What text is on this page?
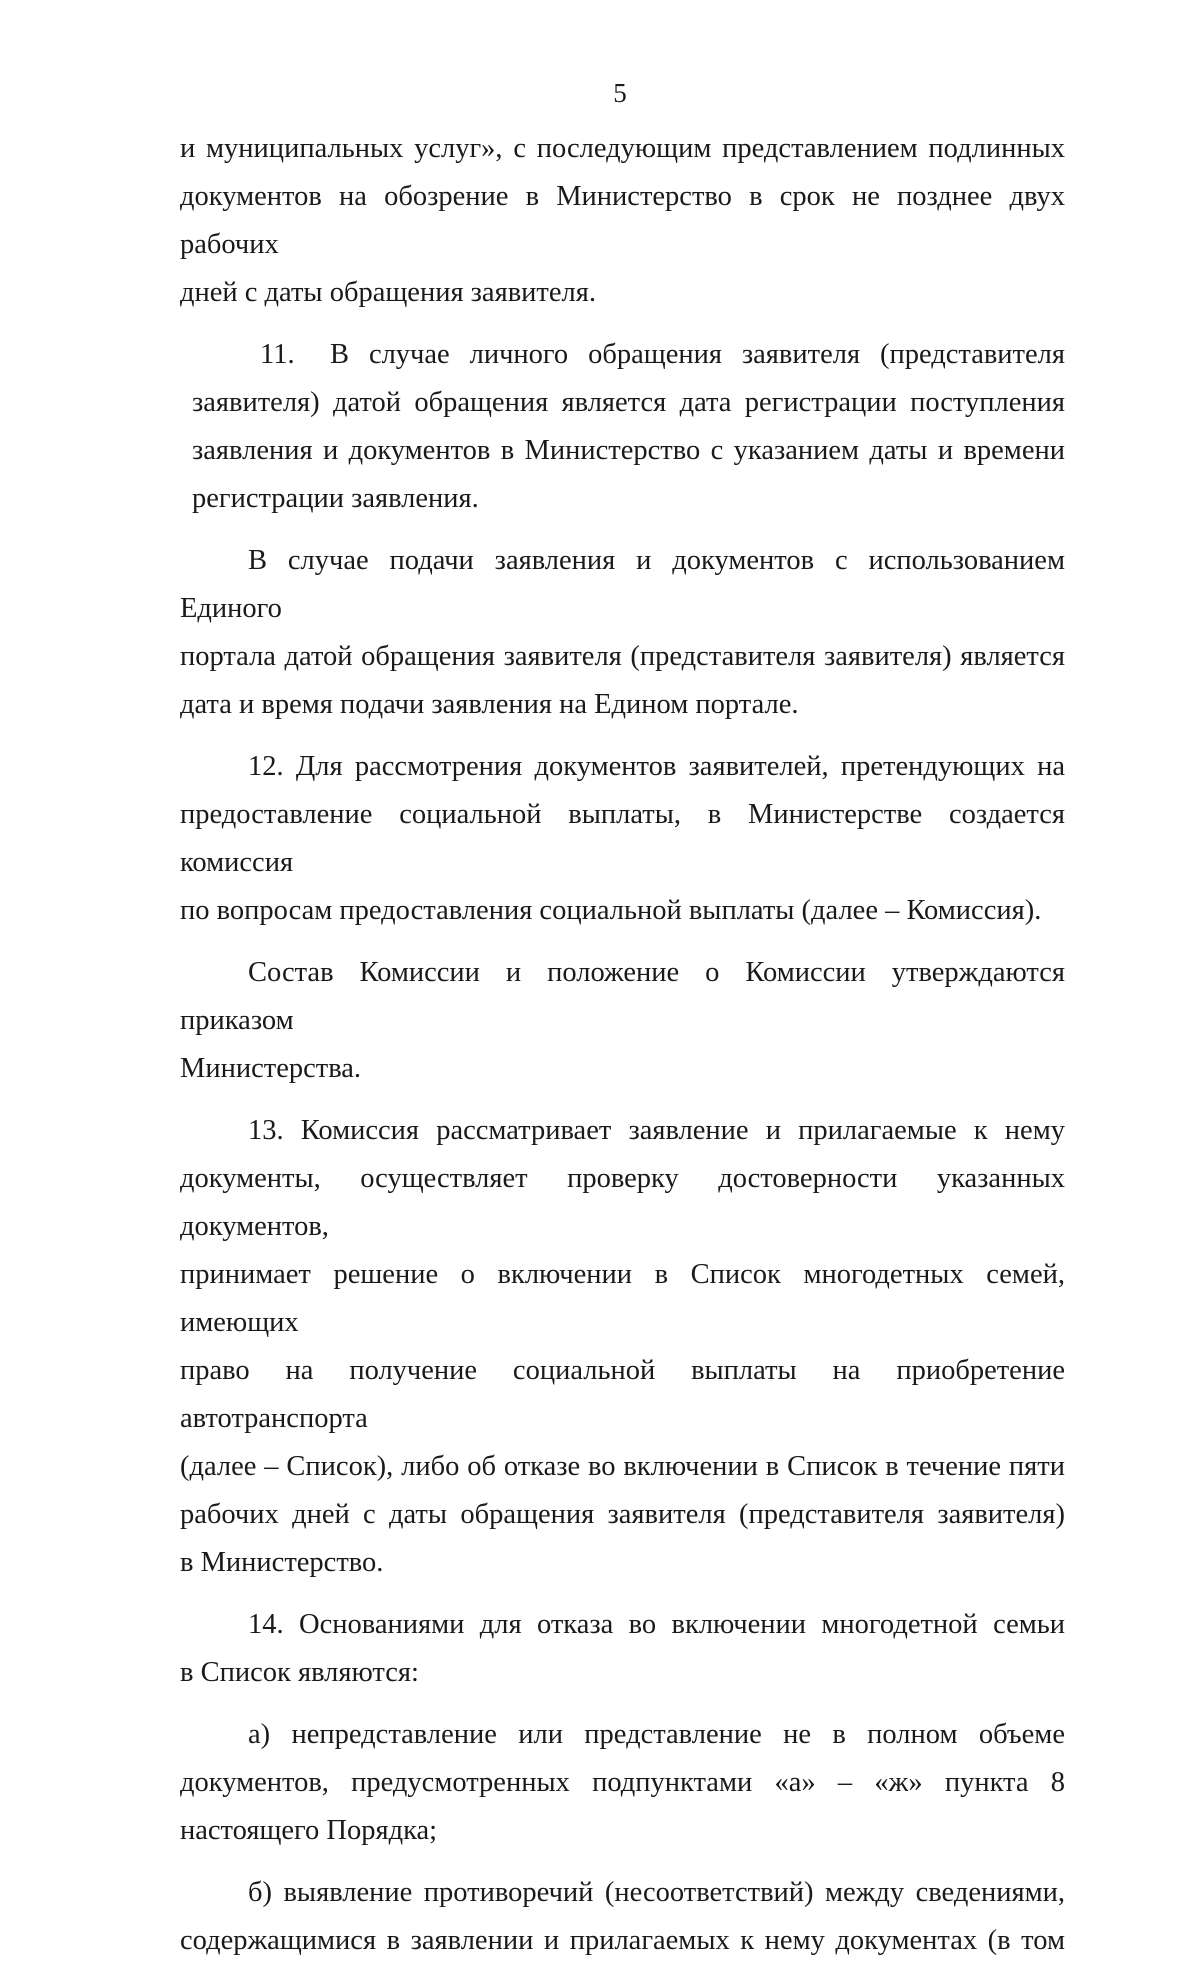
5

и муниципальных услуг», с последующим представлением подлинных

документов на обозрение в Министерство в срок не позднее двух рабочих

дней с даты обращения заявителя.

11. В случае личного обращения заявителя (представителя

заявителя) датой обращения является дата регистрации поступления

заявления и документов в Министерство с указанием даты и времени

регистрации заявления.

В случае подачи заявления и документов с использованием Единого

портала датой обращения заявителя (представителя заявителя) является

дата и время подачи заявления на Едином портале.

12. Для рассмотрения документов заявителей, претендующих на

предоставление социальной выплаты, в Министерстве создается комиссия

по вопросам предоставления социальной выплаты (далее – Комиссия).

Состав Комиссии и положение о Комиссии утверждаются приказом

Министерства.

13. Комиссия рассматривает заявление и прилагаемые к нему

документы, осуществляет проверку достоверности указанных документов,

принимает решение о включении в Список многодетных семей, имеющих

право на получение социальной выплаты на приобретение автотранспорта

(далее – Список), либо об отказе во включении в Список в течение пяти

рабочих дней с даты обращения заявителя (представителя заявителя)

в Министерство.

14. Основаниями для отказа во включении многодетной семьи

в Список являются:

а) непредставление или представление не в полном объеме

документов, предусмотренных подпунктами «а» – «ж» пункта 8

настоящего Порядка;

б) выявление противоречий (несоответствий) между сведениями,

содержащимися в заявлении и прилагаемых к нему документах (в том
